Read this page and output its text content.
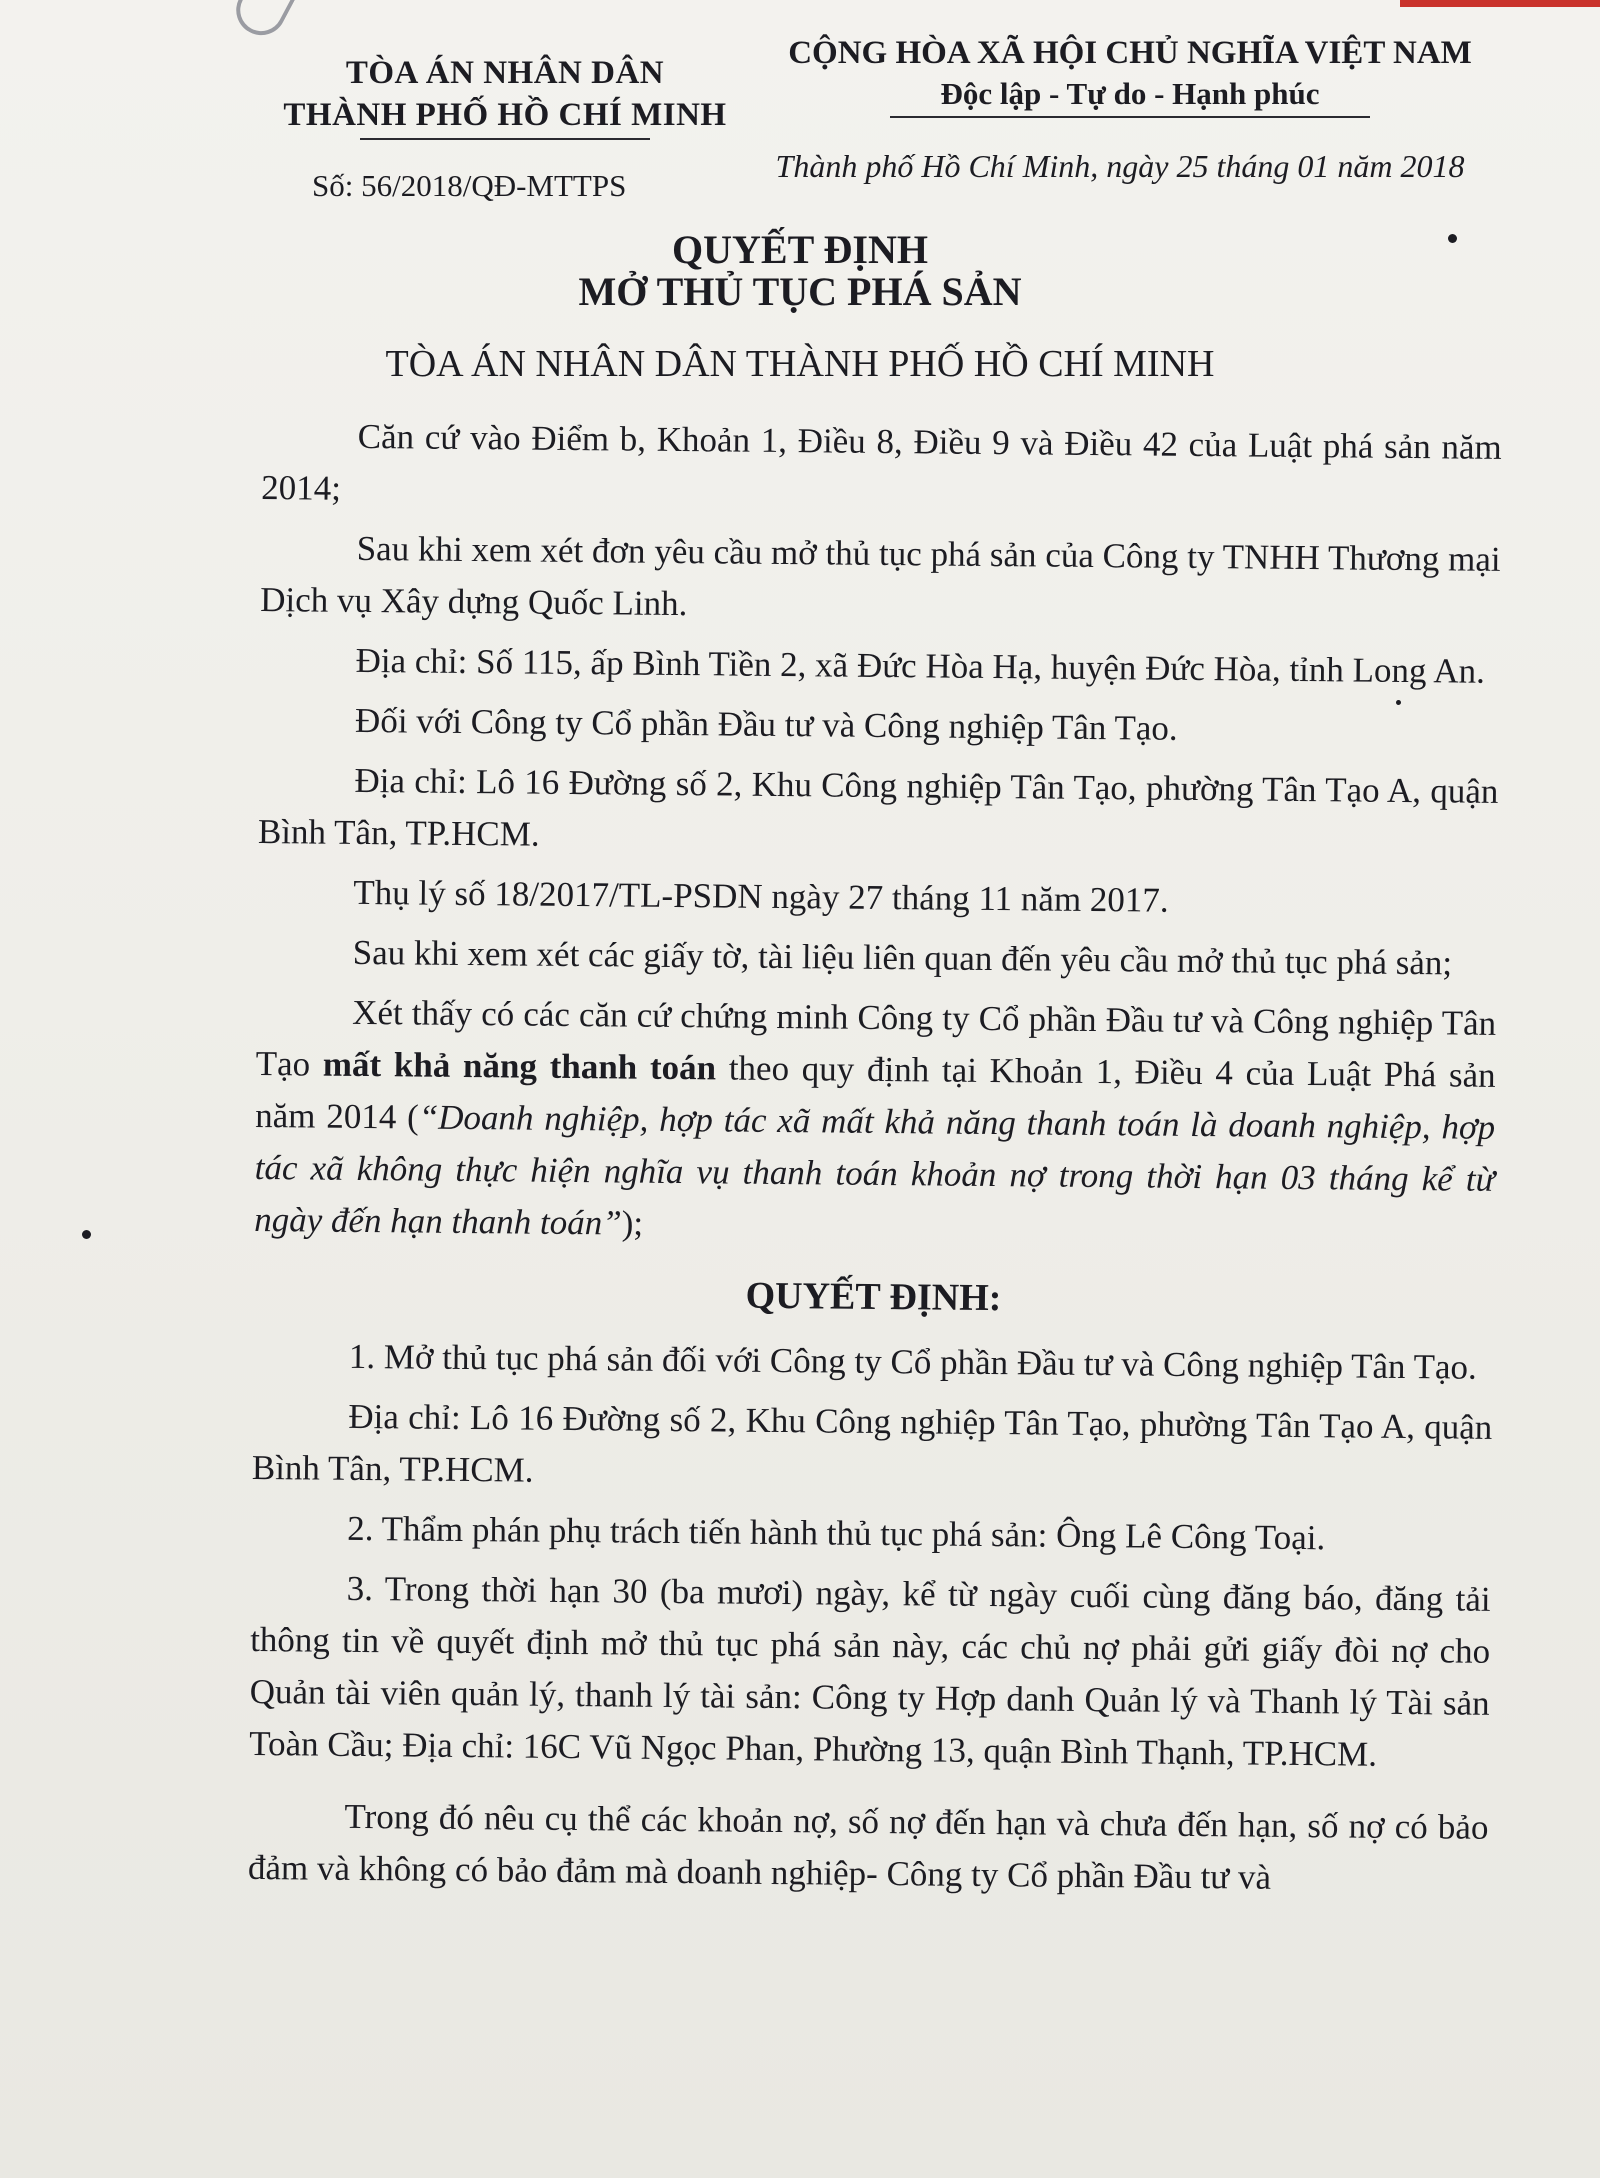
TÒA ÁN NHÂN DÂN
THÀNH PHỐ HỒ CHÍ MINH
CỘNG HÒA XÃ HỘI CHỦ NGHĨA VIỆT NAM
Độc lập - Tự do - Hạnh phúc
Số: 56/2018/QĐ-MTTPS
Thành phố Hồ Chí Minh, ngày 25 tháng 01 năm 2018
QUYẾT ĐỊNH
MỞ THỦ TỤC PHÁ SẢN
TÒA ÁN NHÂN DÂN THÀNH PHỐ HỒ CHÍ MINH

Căn cứ vào Điểm b, Khoản 1, Điều 8, Điều 9 và Điều 42 của Luật phá sản năm 2014;

Sau khi xem xét đơn yêu cầu mở thủ tục phá sản của Công ty TNHH Thương mại Dịch vụ Xây dựng Quốc Linh.

Địa chỉ: Số 115, ấp Bình Tiền 2, xã Đức Hòa Hạ, huyện Đức Hòa, tỉnh Long An.

Đối với Công ty Cổ phần Đầu tư và Công nghiệp Tân Tạo.

Địa chỉ: Lô 16 Đường số 2, Khu Công nghiệp Tân Tạo, phường Tân Tạo A, quận Bình Tân, TP.HCM.

Thụ lý số 18/2017/TL-PSDN ngày 27 tháng 11 năm 2017.

Sau khi xem xét các giấy tờ, tài liệu liên quan đến yêu cầu mở thủ tục phá sản;

Xét thấy có các căn cứ chứng minh Công ty Cổ phần Đầu tư và Công nghiệp Tân Tạo mất khả năng thanh toán theo quy định tại Khoản 1, Điều 4 của Luật Phá sản năm 2014 (“Doanh nghiệp, hợp tác xã mất khả năng thanh toán là doanh nghiệp, hợp tác xã không thực hiện nghĩa vụ thanh toán khoản nợ trong thời hạn 03 tháng kể từ ngày đến hạn thanh toán”);

QUYẾT ĐỊNH:

1. Mở thủ tục phá sản đối với Công ty Cổ phần Đầu tư và Công nghiệp Tân Tạo.

Địa chỉ: Lô 16 Đường số 2, Khu Công nghiệp Tân Tạo, phường Tân Tạo A, quận Bình Tân, TP.HCM.

2. Thẩm phán phụ trách tiến hành thủ tục phá sản: Ông Lê Công Toại.

3. Trong thời hạn 30 (ba mươi) ngày, kể từ ngày cuối cùng đăng báo, đăng tải thông tin về quyết định mở thủ tục phá sản này, các chủ nợ phải gửi giấy đòi nợ cho Quản tài viên quản lý, thanh lý tài sản: Công ty Hợp danh Quản lý và Thanh lý Tài sản Toàn Cầu; Địa chỉ: 16C Vũ Ngọc Phan, Phường 13, quận Bình Thạnh, TP.HCM.

Trong đó nêu cụ thể các khoản nợ, số nợ đến hạn và chưa đến hạn, số nợ có bảo đảm và không có bảo đảm mà doanh nghiệp- Công ty Cổ phần Đầu tư và
